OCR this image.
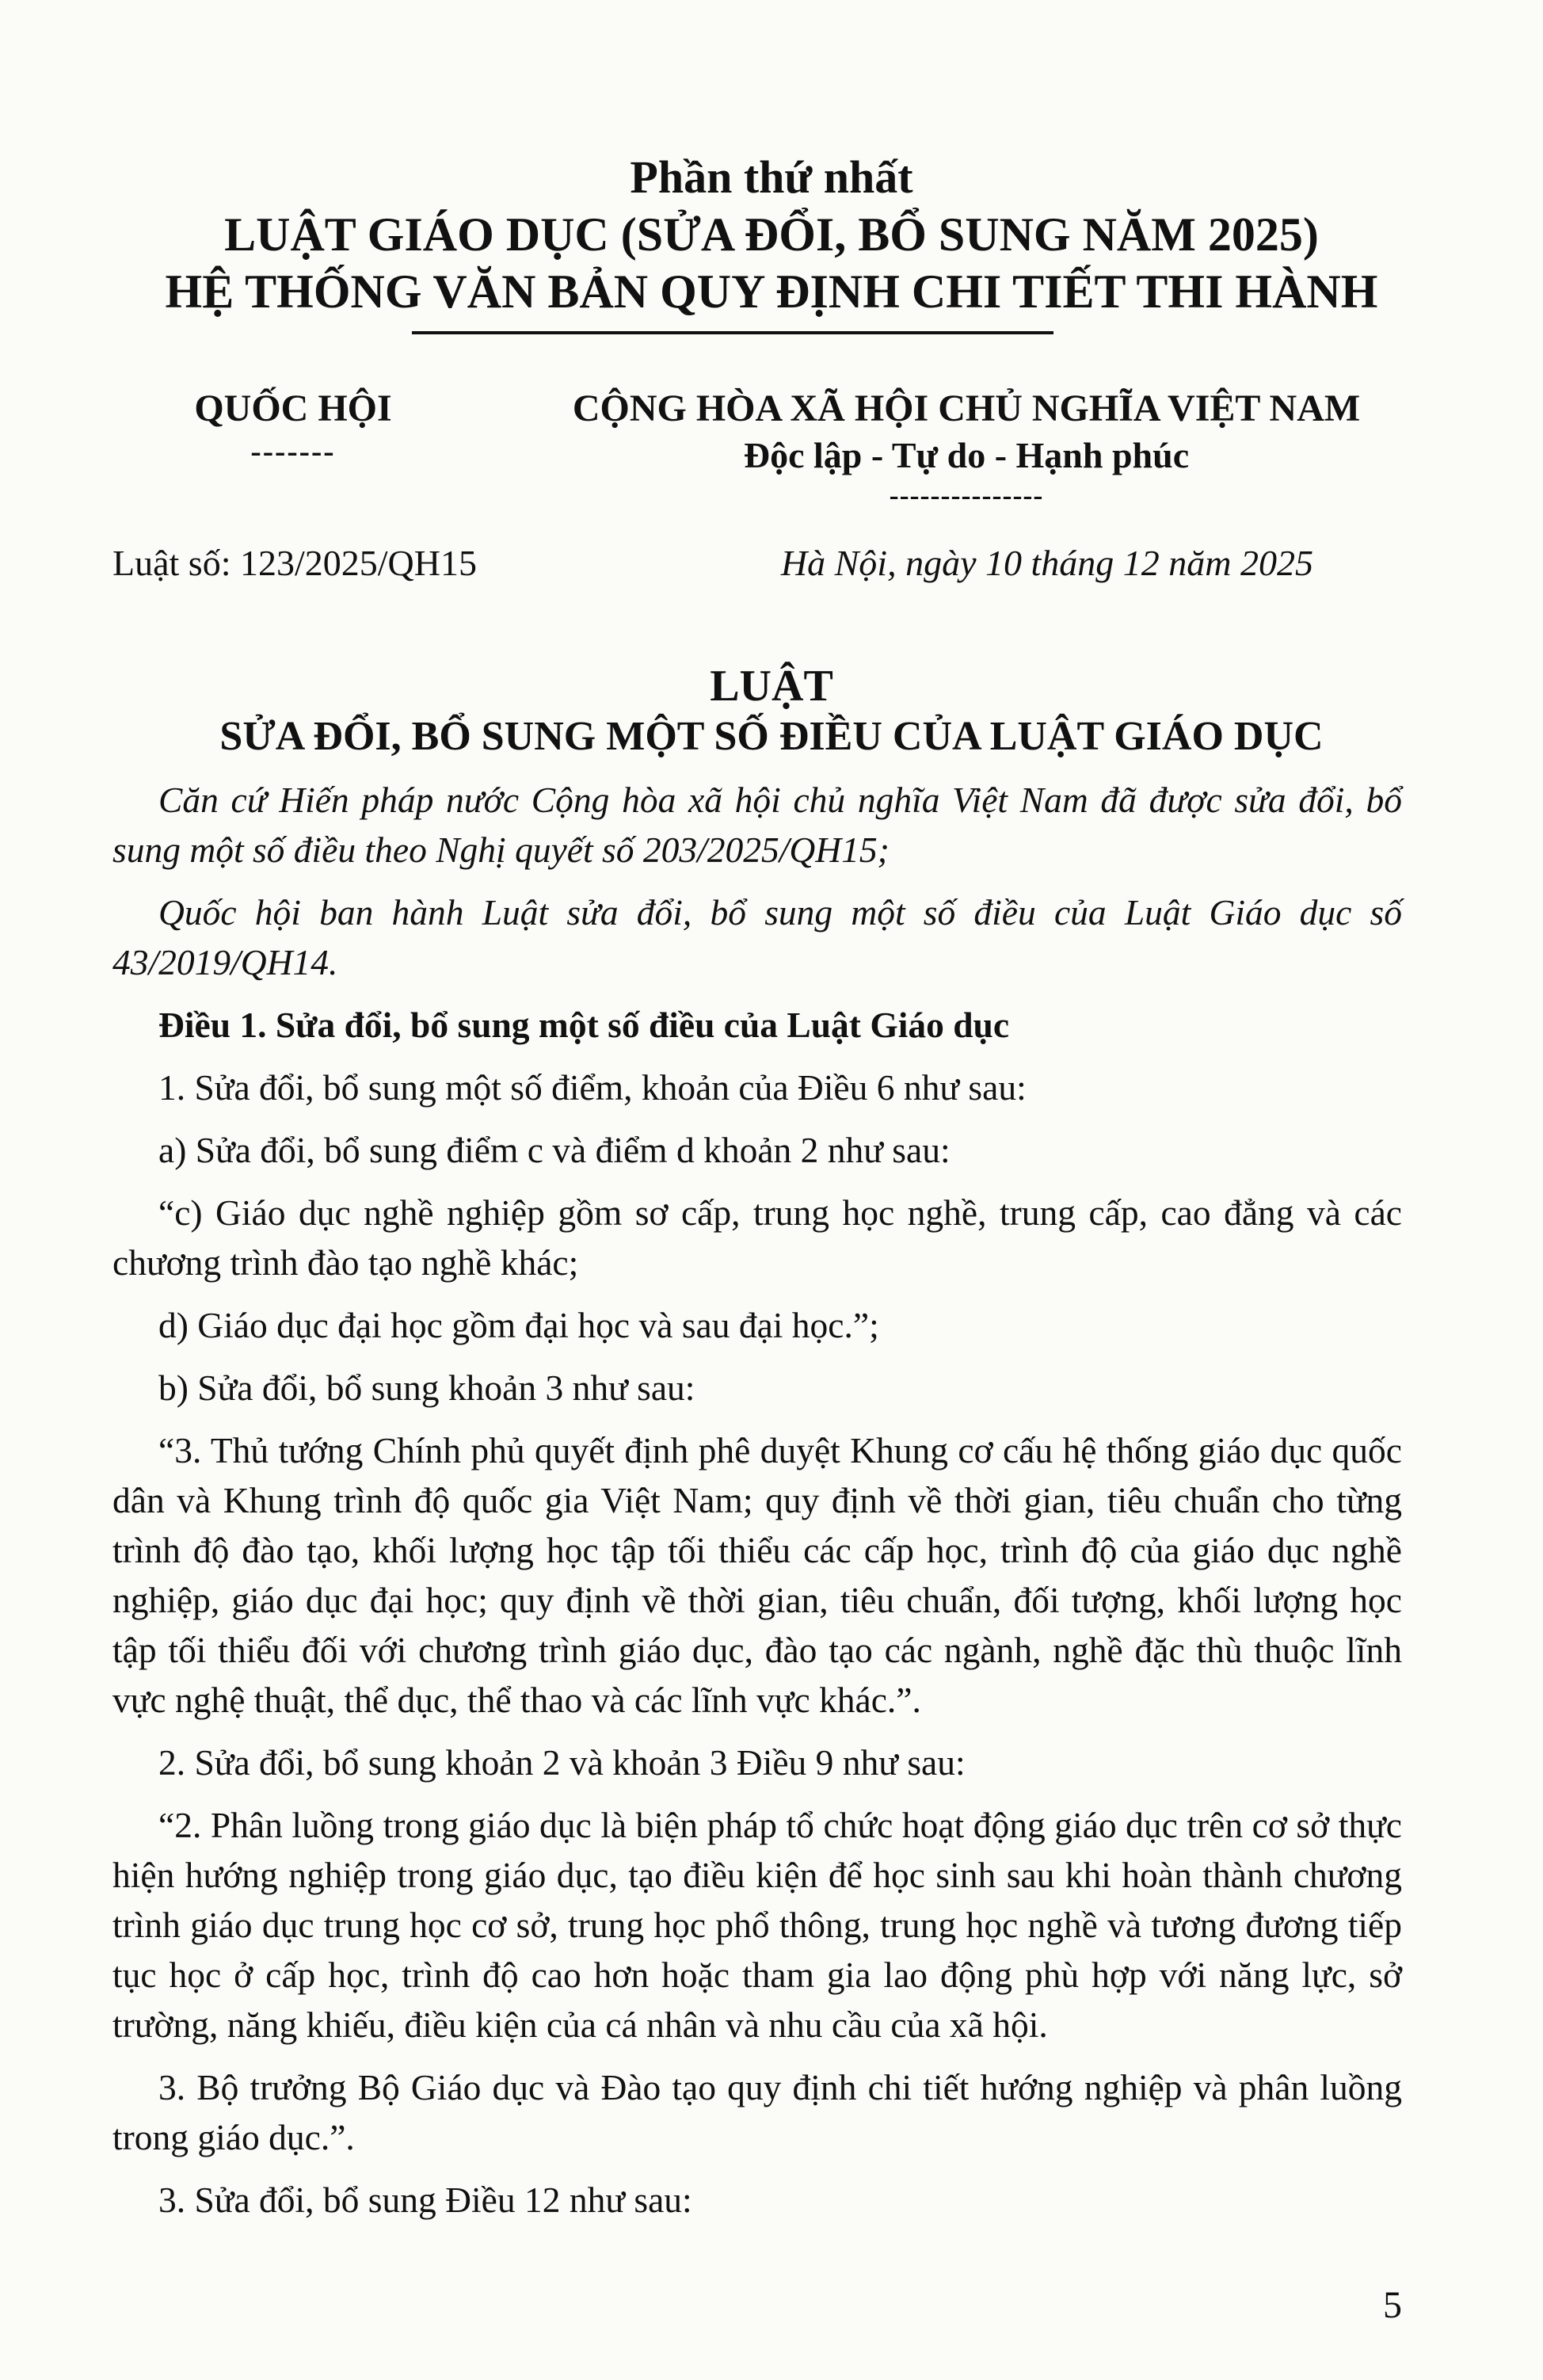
Phần thứ nhất
LUẬT GIÁO DỤC (SỬA ĐỔI, BỔ SUNG NĂM 2025)
HỆ THỐNG VĂN BẢN QUY ĐỊNH CHI TIẾT THI HÀNH
QUỐC HỘI
-------
CỘNG HÒA XÃ HỘI CHỦ NGHĨA VIỆT NAM
Độc lập - Tự do - Hạnh phúc
---------------
Luật số: 123/2025/QH15	Hà Nội, ngày 10 tháng 12 năm 2025
LUẬT
SỬA ĐỔI, BỔ SUNG MỘT SỐ ĐIỀU CỦA LUẬT GIÁO DỤC

Căn cứ Hiến pháp nước Cộng hòa xã hội chủ nghĩa Việt Nam đã được sửa đổi, bổ sung một số điều theo Nghị quyết số 203/2025/QH15;

Quốc hội ban hành Luật sửa đổi, bổ sung một số điều của Luật Giáo dục số 43/2019/QH14.

Điều 1. Sửa đổi, bổ sung một số điều của Luật Giáo dục

1. Sửa đổi, bổ sung một số điểm, khoản của Điều 6 như sau:

a) Sửa đổi, bổ sung điểm c và điểm d khoản 2 như sau:

“c) Giáo dục nghề nghiệp gồm sơ cấp, trung học nghề, trung cấp, cao đẳng và các chương trình đào tạo nghề khác;

d) Giáo dục đại học gồm đại học và sau đại học.”;

b) Sửa đổi, bổ sung khoản 3 như sau:

“3. Thủ tướng Chính phủ quyết định phê duyệt Khung cơ cấu hệ thống giáo dục quốc dân và Khung trình độ quốc gia Việt Nam; quy định về thời gian, tiêu chuẩn cho từng trình độ đào tạo, khối lượng học tập tối thiểu các cấp học, trình độ của giáo dục nghề nghiệp, giáo dục đại học; quy định về thời gian, tiêu chuẩn, đối tượng, khối lượng học tập tối thiểu đối với chương trình giáo dục, đào tạo các ngành, nghề đặc thù thuộc lĩnh vực nghệ thuật, thể dục, thể thao và các lĩnh vực khác.”.

2. Sửa đổi, bổ sung khoản 2 và khoản 3 Điều 9 như sau:

“2. Phân luồng trong giáo dục là biện pháp tổ chức hoạt động giáo dục trên cơ sở thực hiện hướng nghiệp trong giáo dục, tạo điều kiện để học sinh sau khi hoàn thành chương trình giáo dục trung học cơ sở, trung học phổ thông, trung học nghề và tương đương tiếp tục học ở cấp học, trình độ cao hơn hoặc tham gia lao động phù hợp với năng lực, sở trường, năng khiếu, điều kiện của cá nhân và nhu cầu của xã hội.

3. Bộ trưởng Bộ Giáo dục và Đào tạo quy định chi tiết hướng nghiệp và phân luồng trong giáo dục.”.

3. Sửa đổi, bổ sung Điều 12 như sau:

5
